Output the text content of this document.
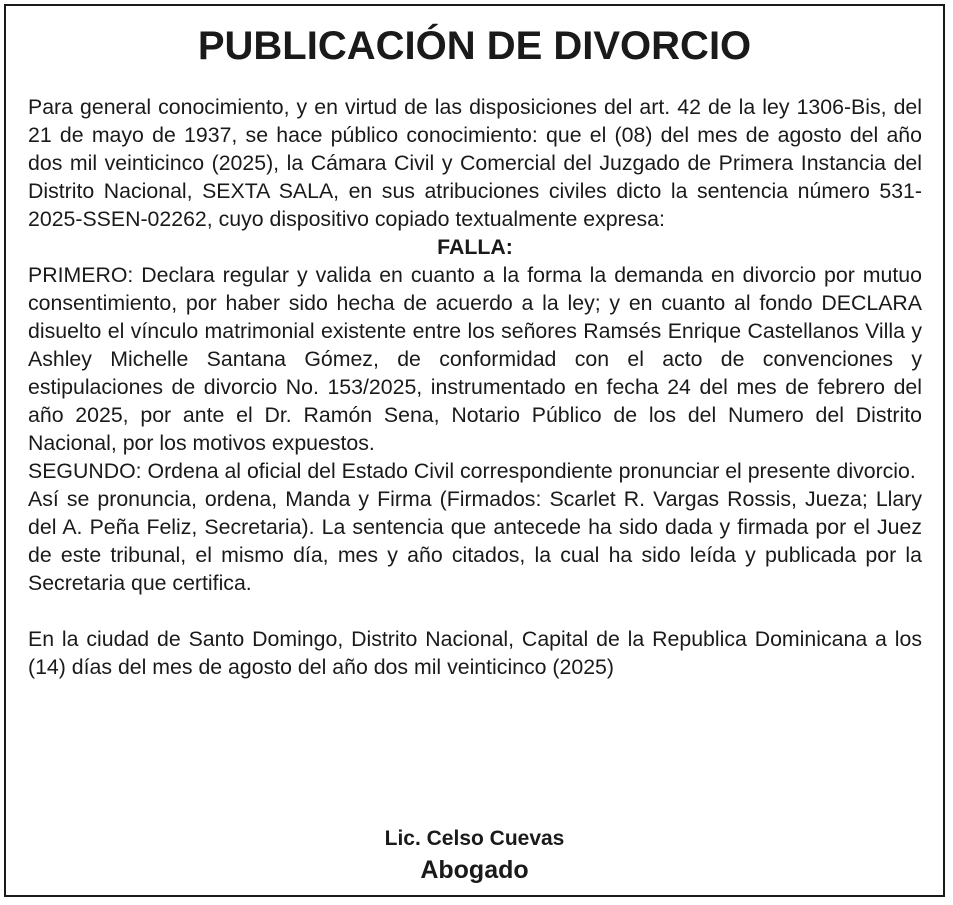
PUBLICACIÓN DE DIVORCIO

Para general conocimiento, y en virtud de las disposiciones del art. 42 de la ley 1306-Bis, del 21 de mayo de 1937, se hace público conocimiento: que el (08) del mes de agosto del año dos mil veinticinco (2025), la Cámara Civil y Comercial del Juzgado de Primera Instancia del Distrito Nacional, SEXTA SALA, en sus atribuciones civiles dicto la sentencia número 531-2025-SSEN-02262, cuyo dispositivo copiado textualmente expresa:

FALLA:

PRIMERO: Declara regular y valida en cuanto a la forma la demanda en divorcio por mutuo consentimiento, por haber sido hecha de acuerdo a la ley; y en cuanto al fondo DECLARA disuelto el vínculo matrimonial existente entre los señores Ramsés Enrique Castellanos Villa y Ashley Michelle Santana Gómez, de conformidad con el acto de convenciones y estipulaciones de divorcio No. 153/2025, instrumentado en fecha 24 del mes de febrero del año 2025, por ante el Dr. Ramón Sena, Notario Público de los del Numero del Distrito Nacional, por los motivos expuestos.

SEGUNDO: Ordena al oficial del Estado Civil correspondiente pronunciar el presente divorcio.

Así se pronuncia, ordena, Manda y Firma (Firmados: Scarlet R. Vargas Rossis, Jueza; Llary del A. Peña Feliz, Secretaria). La sentencia que antecede ha sido dada y firmada por el Juez de este tribunal, el mismo día, mes y año citados, la cual ha sido leída y publicada por la Secretaria que certifica.

En la ciudad de Santo Domingo, Distrito Nacional, Capital de la Republica Dominicana a los (14) días del mes de agosto del año dos mil veinticinco (2025)

Lic. Celso Cuevas
Abogado
